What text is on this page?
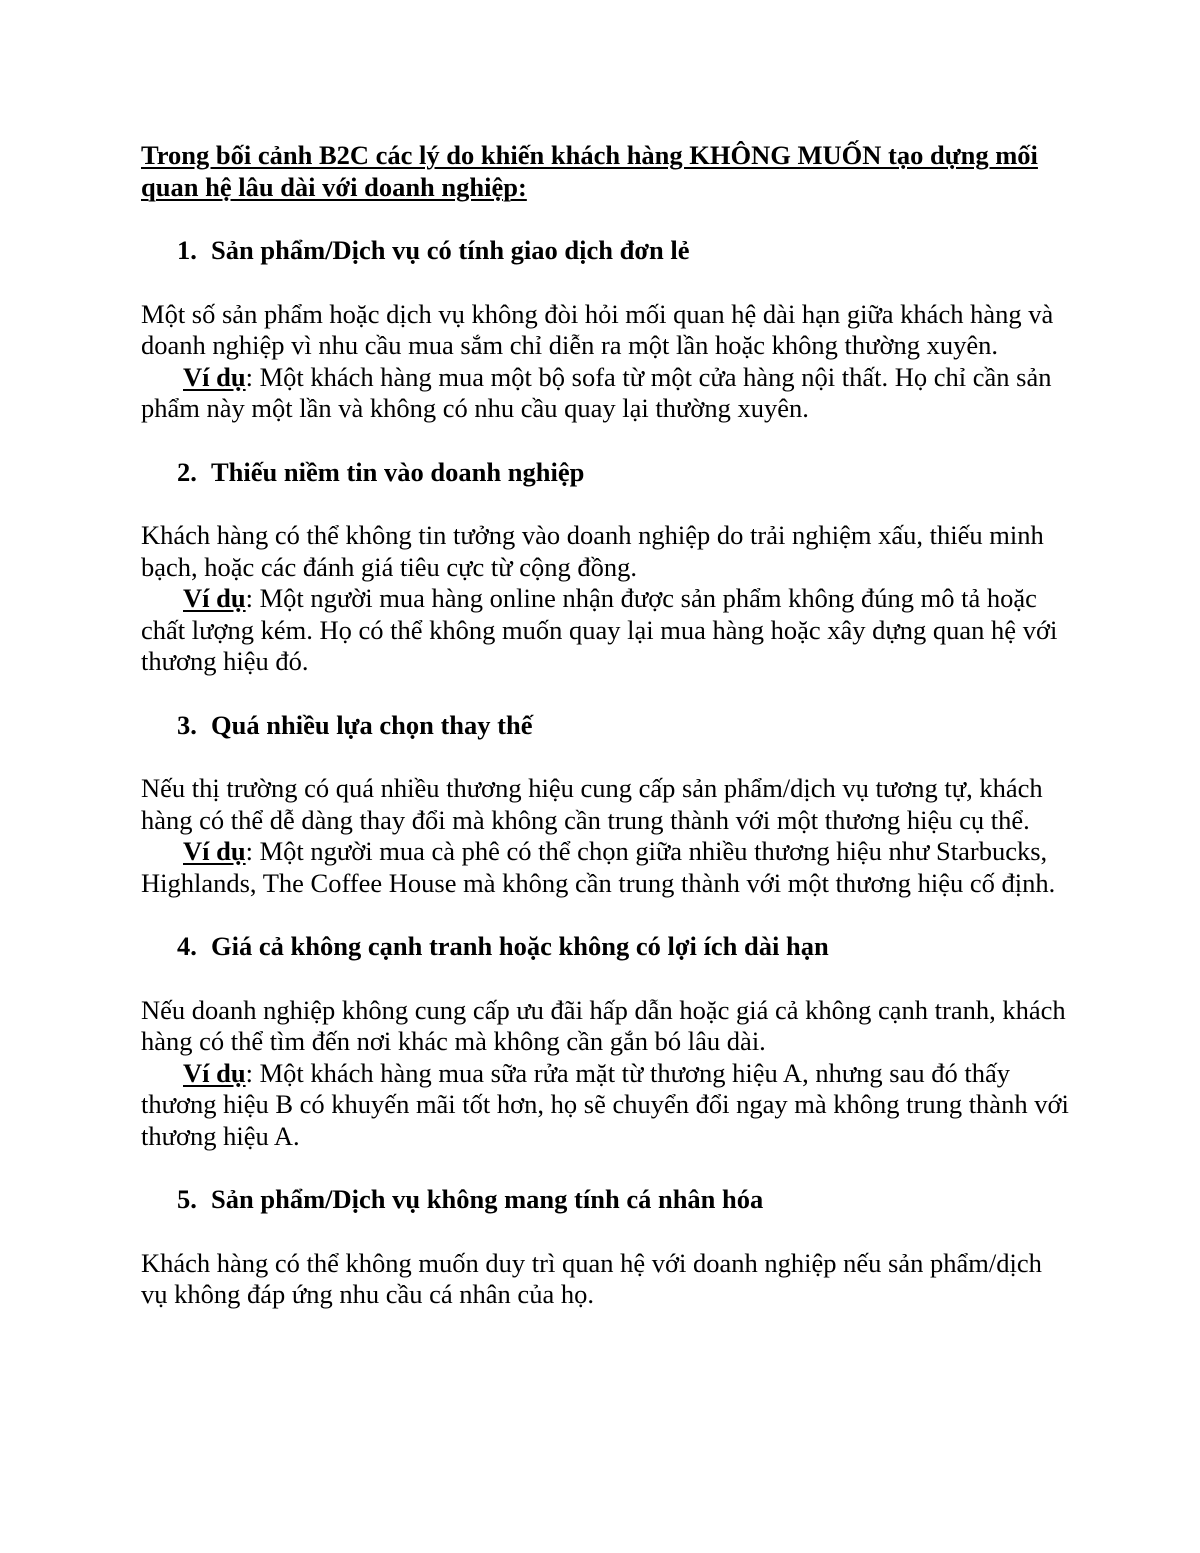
Trong bối cảnh B2C các lý do khiến khách hàng KHÔNG MUỐN tạo dựng mối quan hệ lâu dài với doanh nghiệp:

1. Sản phẩm/Dịch vụ có tính giao dịch đơn lẻ

Một số sản phẩm hoặc dịch vụ không đòi hỏi mối quan hệ dài hạn giữa khách hàng và doanh nghiệp vì nhu cầu mua sắm chỉ diễn ra một lần hoặc không thường xuyên.

Ví dụ: Một khách hàng mua một bộ sofa từ một cửa hàng nội thất. Họ chỉ cần sản phẩm này một lần và không có nhu cầu quay lại thường xuyên.

2. Thiếu niềm tin vào doanh nghiệp

Khách hàng có thể không tin tưởng vào doanh nghiệp do trải nghiệm xấu, thiếu minh bạch, hoặc các đánh giá tiêu cực từ cộng đồng.

Ví dụ: Một người mua hàng online nhận được sản phẩm không đúng mô tả hoặc chất lượng kém. Họ có thể không muốn quay lại mua hàng hoặc xây dựng quan hệ với thương hiệu đó.

3. Quá nhiều lựa chọn thay thế

Nếu thị trường có quá nhiều thương hiệu cung cấp sản phẩm/dịch vụ tương tự, khách hàng có thể dễ dàng thay đổi mà không cần trung thành với một thương hiệu cụ thể.

Ví dụ: Một người mua cà phê có thể chọn giữa nhiều thương hiệu như Starbucks, Highlands, The Coffee House mà không cần trung thành với một thương hiệu cố định.

4. Giá cả không cạnh tranh hoặc không có lợi ích dài hạn

Nếu doanh nghiệp không cung cấp ưu đãi hấp dẫn hoặc giá cả không cạnh tranh, khách hàng có thể tìm đến nơi khác mà không cần gắn bó lâu dài.

Ví dụ: Một khách hàng mua sữa rửa mặt từ thương hiệu A, nhưng sau đó thấy thương hiệu B có khuyến mãi tốt hơn, họ sẽ chuyển đổi ngay mà không trung thành với thương hiệu A.

5. Sản phẩm/Dịch vụ không mang tính cá nhân hóa

Khách hàng có thể không muốn duy trì quan hệ với doanh nghiệp nếu sản phẩm/dịch vụ không đáp ứng nhu cầu cá nhân của họ.
